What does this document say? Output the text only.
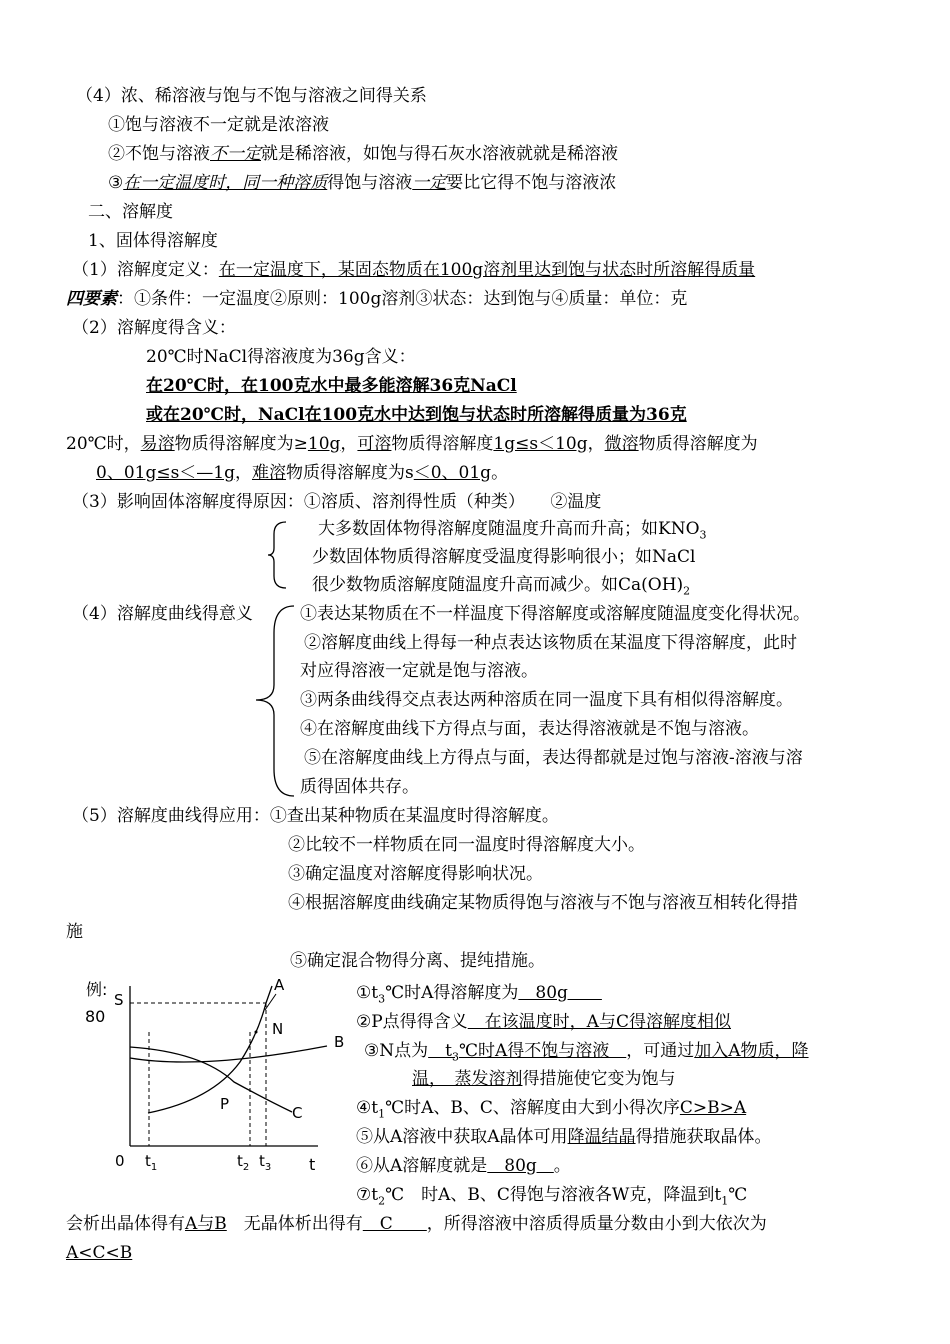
（4）浓、稀溶液与饱与不饱与溶液之间得关系
①饱与溶液不一定就是浓溶液
②不饱与溶液不一定就是稀溶液，如饱与得石灰水溶液就就是稀溶液
③在一定温度时，同一种溶质得饱与溶液一定要比它得不饱与溶液浓
二、溶解度
1、固体得溶解度
（1）溶解度定义：在一定温度下，某固态物质在100g溶剂里达到饱与状态时所溶解得质量
四要素：①条件：一定温度②原则：100g溶剂③状态：达到饱与④质量：单位：克
（2）溶解度得含义：
20℃时NaCl得溶液度为36g含义：
在20℃时，在100克水中最多能溶解36克NaCl
或在20℃时，NaCl在100克水中达到饱与状态时所溶解得质量为36克
20℃时，易溶物质得溶解度为≥10g，可溶物质得溶解度1g≤s＜10g，微溶物质得溶解度为
0、01g≤s＜—1g，难溶物质得溶解度为s＜0、01g。
（3）影响固体溶解度得原因：①溶质、溶剂得性质（种类）　　②温度
大多数固体物得溶解度随温度升高而升高；如$KNO_3$
少数固体物质得溶解度受温度得影响很小；如NaCl
很少数物质溶解度随温度升高而减少。如$Ca(OH)_2$
（4）溶解度曲线得意义	①表达某物质在不一样温度下得溶解度或溶解度随温度变化得状况。
②溶解度曲线上得每一种点表达该物质在某温度下得溶解度，此时
对应得溶液一定就是饱与溶液。
③两条曲线得交点表达两种溶质在同一温度下具有相似得溶解度。
④在溶解度曲线下方得点与面，表达得溶液就是不饱与溶液。
⑤在溶解度曲线上方得点与面，表达得都就是过饱与溶液-溶液与溶
质得固体共存。
（5）溶解度曲线得应用：①查出某种物质在某温度时得溶解度。
②比较不一样物质在同一温度时得溶解度大小。
③确定温度对溶解度得影响状况。
④根据溶解度曲线确定某物质得饱与溶液与不饱与溶液互相转化得措
施
⑤确定混合物得分离、提纯措施。
例:
S
80
A
B
C
P
N
0	t
$t_1$	$t_2$ $t_3$
$①t_3℃$时A得溶解度为　80g　　
②P点得得含义　在该温度时，A与C得溶解度相似
③N点为　$t_3℃$时A得不饱与溶液　，可通过加入A物质，降
温，　蒸发溶剂得措施使它变为饱与
$④t_1℃$时A、B、C、溶解度由大到小得次序C>B>A
⑤从A溶液中获取A晶体可用降温结晶得措施获取晶体。
⑥从A溶解度就是　80g　。
$⑦t_2℃$　时A、B、C得饱与溶液各W克，降温到$t_1℃$
会析出晶体得有A与B　无晶体析出得有　C　　，所得溶液中溶质得质量分数由小到大依次为
A<C<B
